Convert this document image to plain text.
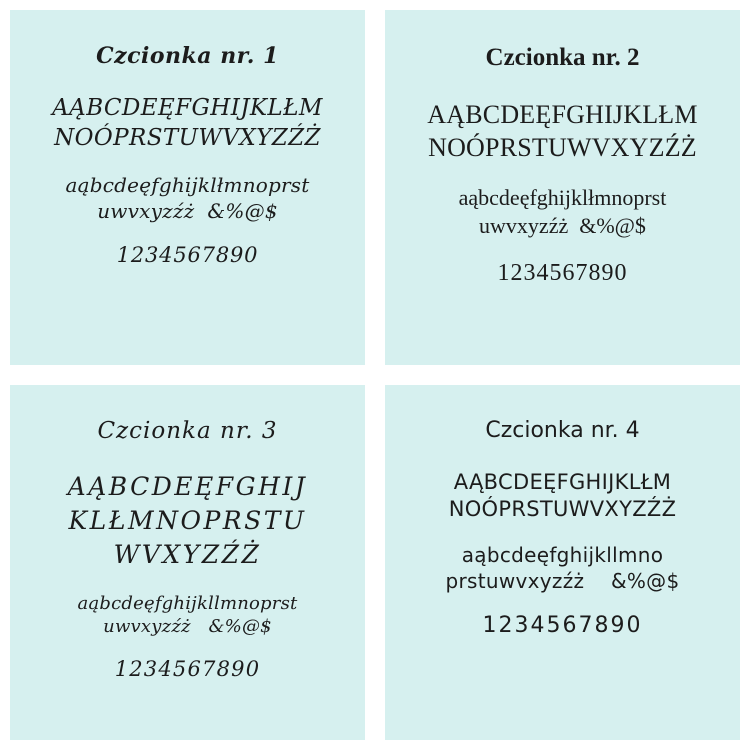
Czcionka nr. 1
AĄBCDEĘFGHIJKLŁM
NOÓPRSTUWVXYZŹŻ
aąbcdeęfghijklłmnoprst
uwvxyzźż  &%@$
1234567890
Czcionka nr. 2
AĄBCDEĘFGHIJKLŁM
NOÓPRSTUWVXYZŹŻ
aąbcdeęfghijklłmnoprst
uwvxyzźż  &%@$
1234567890
Czcionka nr. 3
AĄBCDEĘFGHIJ
KLŁMNOPRSTU
WVXYZŹŻ
aąbcdeęfghijkllmnoprst
uwvxyzźż   &%@$
1234567890
Czcionka nr. 4
AĄBCDEĘFGHIJKLŁM
NOÓPRSTUWVXYZŹŻ
aąbcdeęfghijkllmno
prstuwvxyzźż    &%@$
1234567890
